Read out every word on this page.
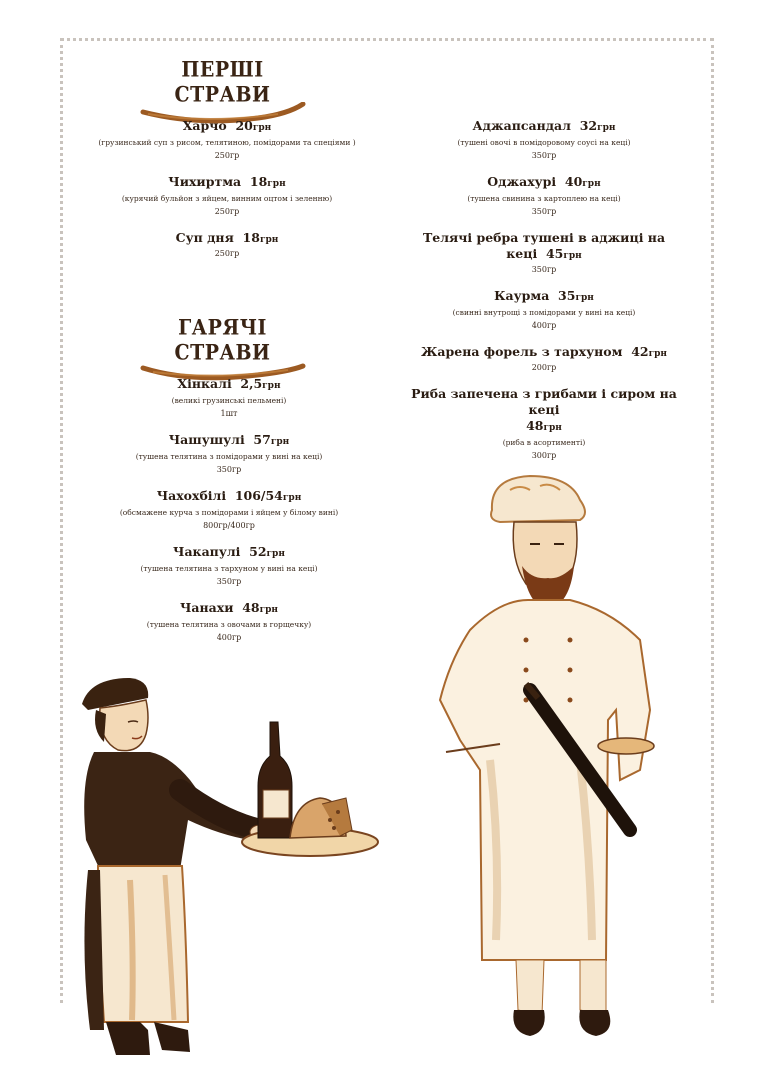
ПЕРШІ СТРАВИ
Харчо 20грн
(грузинський суп з рисом, телятиною, помідорами та спеціями )
250гр
Чихиртма 18грн
(курячий бульйон з яйцем, винним оцтом і зеленню)
250гр
Суп дня 18грн
250гр
ГАРЯЧІ СТРАВИ
Хінкалі 2,5грн
(великі грузинські пельмені)
1шт
Чашушулі 57грн
(тушена телятина з помідорами у вині на кеці)
350гр
Чахохбілі 106/54грн
(обсмажене курча з помідорами і яйцем у білому вині)
800гр/400гр
Чакапулі 52грн
(тушена телятина з тархуном у вині на кеці)
350гр
Чанахи 48грн
(тушена телятина з овочами в горщечку)
400гр
Аджапсандал 32грн
(тушені овочі в помідоровому соусі на кеці)
350гр
Оджахурі 40грн
(тушена свинина з картоплею на кеці)
350гр
Телячі ребра тушені в аджиці на кеці 45грн
350гр
Каурма 35грн
(свинні внутрощі з помідорами у вині на кеці)
400гр
Жарена форель з тархуном 42грн
200гр
Риба запечена з грибами і сиром на кеці
48грн
(риба в асортименті)
300гр
